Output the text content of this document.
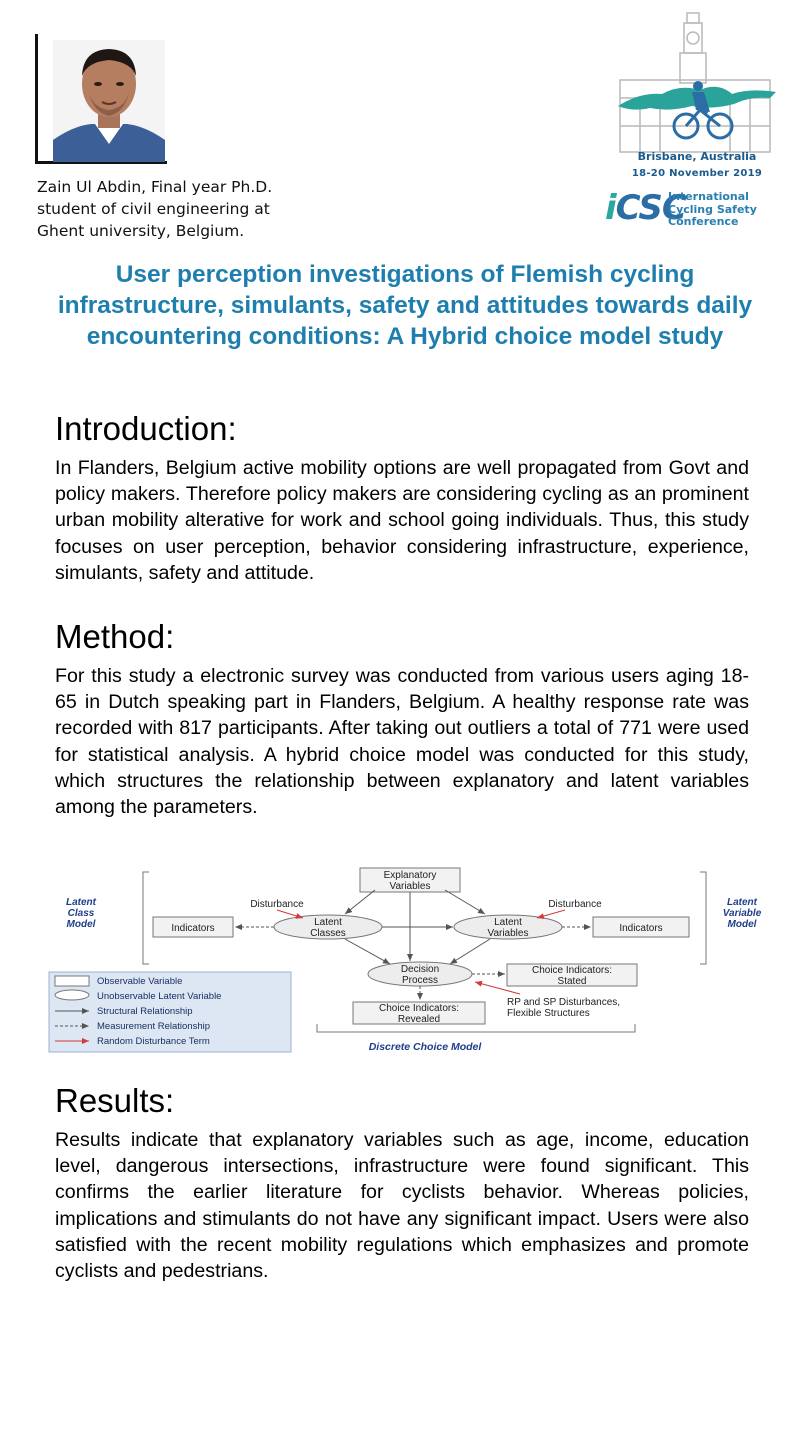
Zain Ul Abdin, Final year Ph.D. student of civil engineering at Ghent university, Belgium.
Brisbane, Australia
18-20 November 2019
iCSC
International
Cycling Safety
Conference
User perception investigations of Flemish cycling infrastructure, simulants, safety and attitudes towards daily encountering conditions: A Hybrid choice model study
Introduction:

In Flanders, Belgium active mobility options are well propagated from Govt and policy makers. Therefore policy makers are considering cycling as an prominent urban mobility alterative for work and school going individuals. Thus, this study focuses on user perception, behavior considering infrastructure, experience, simulants, safety and attitude.

Method:

For this study a electronic survey was conducted from various users aging 18-65 in Dutch speaking part in Flanders, Belgium. A healthy response rate was recorded with 817 participants. After taking out outliers a total of 771 were used for statistical analysis. A hybrid choice model was conducted for this study, which structures the relationship between explanatory and latent variables among the parameters.

Latent
Class
Model
Latent
Variable
Model
Explanatory
Variables
Disturbance	Disturbance
Indicators	Indicators
Latent
Classes
Latent
Variables
Decision
Process
Choice Indicators:
Stated
Choice Indicators:
Revealed
RP and SP Disturbances,
Flexible Structures
Discrete Choice Model
Observable Variable
Unobservable Latent Variable
Structural Relationship
Measurement Relationship
Random Disturbance Term
Results:

Results indicate that explanatory variables such as age, income, education level, dangerous intersections, infrastructure were found significant. This confirms the earlier literature for cyclists behavior. Whereas policies, implications and stimulants do not have any significant impact. Users were also satisfied with the recent mobility regulations which emphasizes and promote cyclists and pedestrians.
